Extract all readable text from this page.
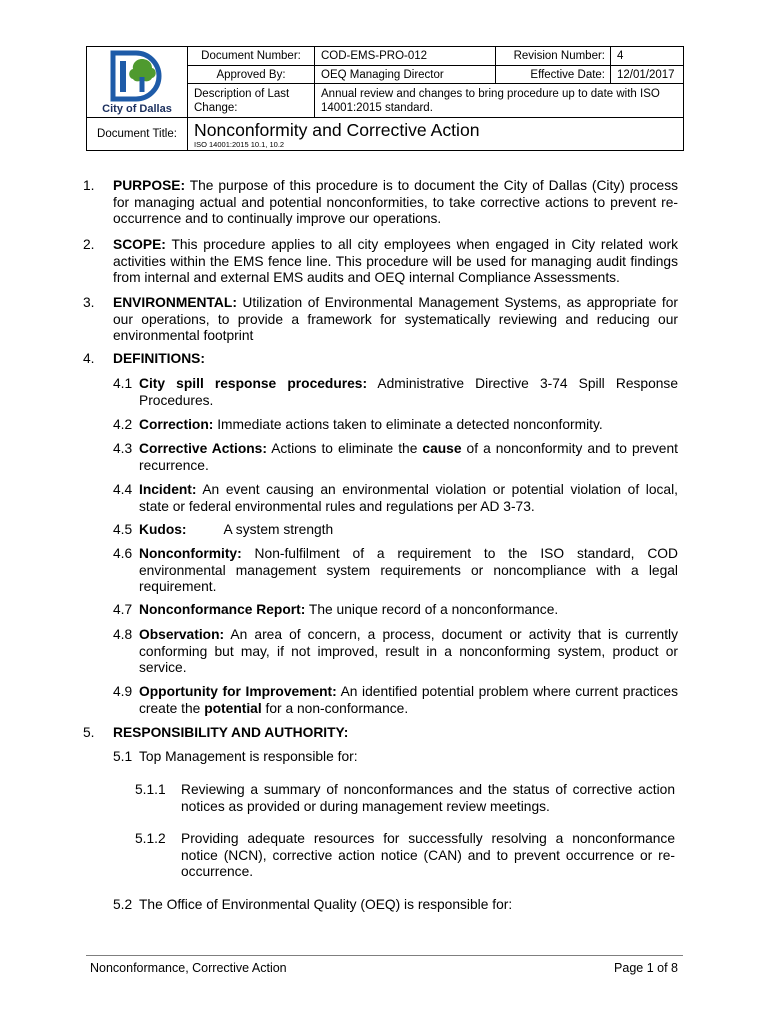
City of Dallas	Document Number:	COD-EMS-PRO-012	Revision Number:	4
	Approved By:	OEQ Managing Director	Effective Date:	12/01/2017
	Description of Last Change:	Annual review and changes to bring procedure up to date with ISO 14001:2015 standard.		
Document Title:	Nonconformity and Corrective Action
ISO 14001:2015 10.1, 10.2			
1. PURPOSE: The purpose of this procedure is to document the City of Dallas (City) process for managing actual and potential nonconformities, to take corrective actions to prevent re-occurrence and to continually improve our operations.

2. SCOPE: This procedure applies to all city employees when engaged in City related work activities within the EMS fence line. This procedure will be used for managing audit findings from internal and external EMS audits and OEQ internal Compliance Assessments.

3. ENVIRONMENTAL: Utilization of Environmental Management Systems, as appropriate for our operations, to provide a framework for systematically reviewing and reducing our environmental footprint

4. DEFINITIONS:

4.1 City spill response procedures: Administrative Directive 3-74 Spill Response Procedures.

4.2 Correction: Immediate actions taken to eliminate a detected nonconformity.

4.3 Corrective Actions: Actions to eliminate the cause of a nonconformity and to prevent recurrence.

4.4 Incident: An event causing an environmental violation or potential violation of local, state or federal environmental rules and regulations per AD 3-73.

4.5 Kudos:	A system strength

4.6 Nonconformity: Non-fulfilment of a requirement to the ISO standard, COD environmental management system requirements or noncompliance with a legal requirement.

4.7 Nonconformance Report: The unique record of a nonconformance.

4.8 Observation: An area of concern, a process, document or activity that is currently conforming but may, if not improved, result in a nonconforming system, product or service.

4.9 Opportunity for Improvement: An identified potential problem where current practices create the potential for a non-conformance.

5. RESPONSIBILITY AND AUTHORITY:

5.1 Top Management is responsible for:

5.1.1 Reviewing a summary of nonconformances and the status of corrective action notices as provided or during management review meetings.

5.1.2 Providing adequate resources for successfully resolving a nonconformance notice (NCN), corrective action notice (CAN) and to prevent occurrence or re-occurrence.

5.2 The Office of Environmental Quality (OEQ) is responsible for:

Nonconformance, Corrective Action	Page 1 of 8
